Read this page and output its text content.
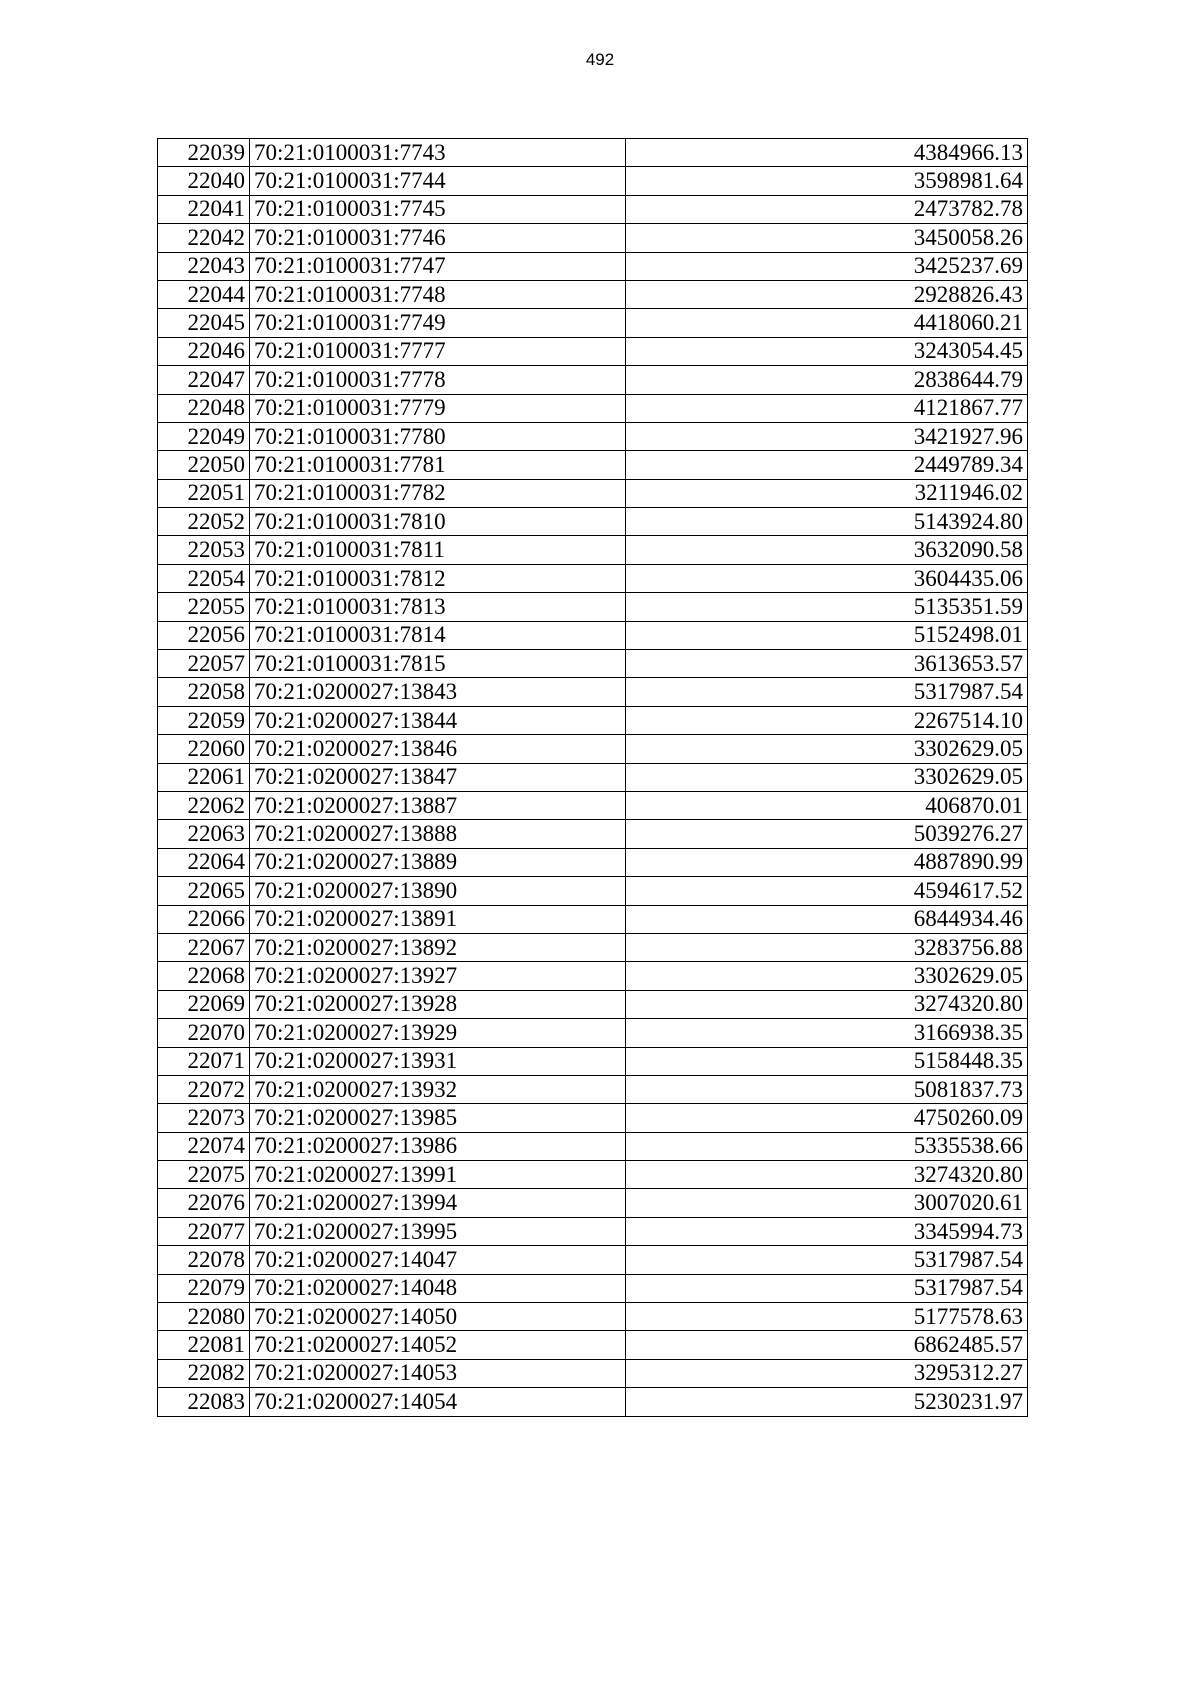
492
22039	70:21:0100031:7743	4384966.13
22040	70:21:0100031:7744	3598981.64
22041	70:21:0100031:7745	2473782.78
22042	70:21:0100031:7746	3450058.26
22043	70:21:0100031:7747	3425237.69
22044	70:21:0100031:7748	2928826.43
22045	70:21:0100031:7749	4418060.21
22046	70:21:0100031:7777	3243054.45
22047	70:21:0100031:7778	2838644.79
22048	70:21:0100031:7779	4121867.77
22049	70:21:0100031:7780	3421927.96
22050	70:21:0100031:7781	2449789.34
22051	70:21:0100031:7782	3211946.02
22052	70:21:0100031:7810	5143924.80
22053	70:21:0100031:7811	3632090.58
22054	70:21:0100031:7812	3604435.06
22055	70:21:0100031:7813	5135351.59
22056	70:21:0100031:7814	5152498.01
22057	70:21:0100031:7815	3613653.57
22058	70:21:0200027:13843	5317987.54
22059	70:21:0200027:13844	2267514.10
22060	70:21:0200027:13846	3302629.05
22061	70:21:0200027:13847	3302629.05
22062	70:21:0200027:13887	406870.01
22063	70:21:0200027:13888	5039276.27
22064	70:21:0200027:13889	4887890.99
22065	70:21:0200027:13890	4594617.52
22066	70:21:0200027:13891	6844934.46
22067	70:21:0200027:13892	3283756.88
22068	70:21:0200027:13927	3302629.05
22069	70:21:0200027:13928	3274320.80
22070	70:21:0200027:13929	3166938.35
22071	70:21:0200027:13931	5158448.35
22072	70:21:0200027:13932	5081837.73
22073	70:21:0200027:13985	4750260.09
22074	70:21:0200027:13986	5335538.66
22075	70:21:0200027:13991	3274320.80
22076	70:21:0200027:13994	3007020.61
22077	70:21:0200027:13995	3345994.73
22078	70:21:0200027:14047	5317987.54
22079	70:21:0200027:14048	5317987.54
22080	70:21:0200027:14050	5177578.63
22081	70:21:0200027:14052	6862485.57
22082	70:21:0200027:14053	3295312.27
22083	70:21:0200027:14054	5230231.97
